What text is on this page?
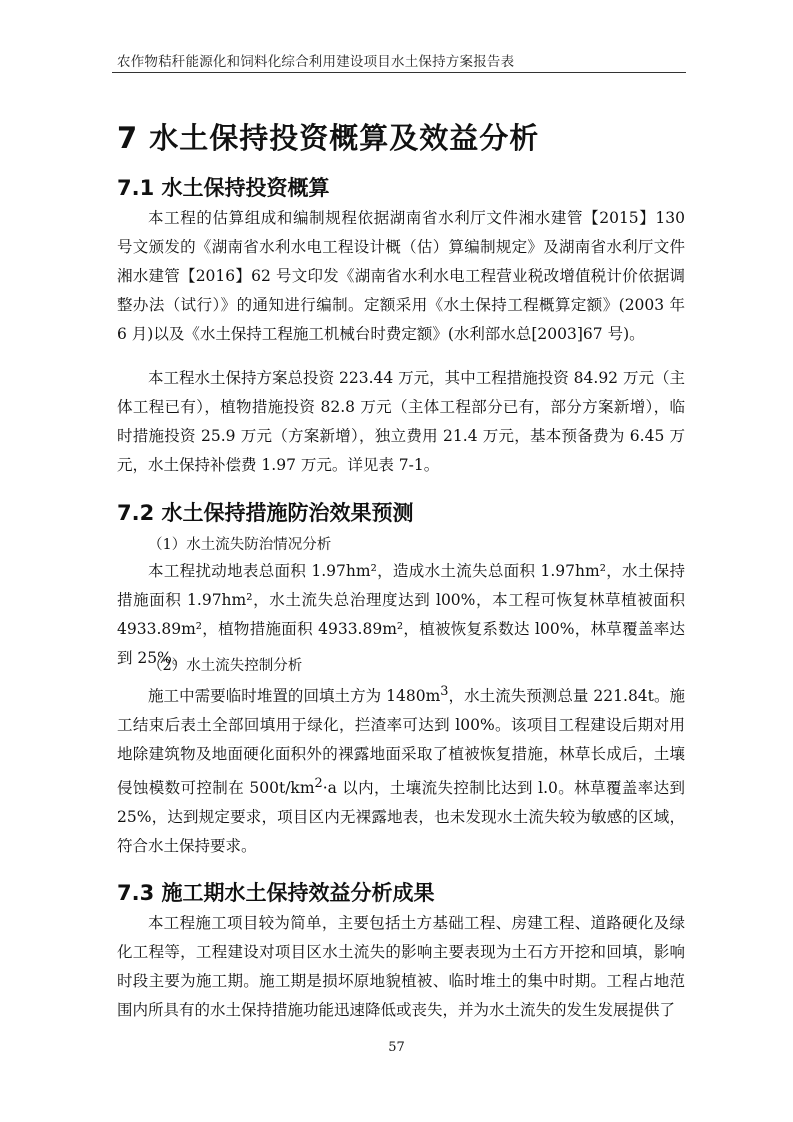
农作物秸秆能源化和饲料化综合利用建设项目水土保持方案报告表
7 水土保持投资概算及效益分析
7.1 水土保持投资概算

本工程的估算组成和编制规程依据湖南省水利厅文件湘水建管【2015】130 号文颁发的《湖南省水利水电工程设计概（估）算编制规定》及湖南省水利厅文件湘水建管【2016】62 号文印发《湖南省水利水电工程营业税改增值税计价依据调整办法（试行）》的通知进行编制。定额采用《水土保持工程概算定额》(2003 年 6 月)以及《水土保持工程施工机械台时费定额》(水利部水总[2003]67 号)。

本工程水土保持方案总投资 223.44 万元，其中工程措施投资 84.92 万元（主体工程已有），植物措施投资 82.8 万元（主体工程部分已有，部分方案新增），临时措施投资 25.9 万元（方案新增），独立费用 21.4 万元，基本预备费为 6.45 万元，水土保持补偿费 1.97 万元。详见表 7-1。

7.2 水土保持措施防治效果预测
（1）水土流失防治情况分析

本工程扰动地表总面积 1.97hm²，造成水土流失总面积 1.97hm²，水土保持措施面积 1.97hm²，水土流失总治理度达到 l00%，本工程可恢复林草植被面积 4933.89m²，植物措施面积 4933.89m²，植被恢复系数达 l00%，林草覆盖率达到 25%。

（2）水土流失控制分析

施工中需要临时堆置的回填土方为 $1480m^3$，水土流失预测总量 221.84t。施工结束后表土全部回填用于绿化，拦渣率可达到 l00%。该项目工程建设后期对用地除建筑物及地面硬化面积外的裸露地面采取了植被恢复措施，林草长成后，土壤侵蚀模数可控制在 $500t/km^2\cdot a$ 以内，土壤流失控制比达到 l.0。林草覆盖率达到 25%，达到规定要求，项目区内无裸露地表，也未发现水土流失较为敏感的区域，符合水土保持要求。

7.3 施工期水土保持效益分析成果

本工程施工项目较为简单，主要包括土方基础工程、房建工程、道路硬化及绿化工程等，工程建设对项目区水土流失的影响主要表现为土石方开挖和回填，影响时段主要为施工期。施工期是损坏原地貌植被、临时堆土的集中时期。工程占地范围内所具有的水土保持措施功能迅速降低或丧失，并为水土流失的发生发展提供了

57
